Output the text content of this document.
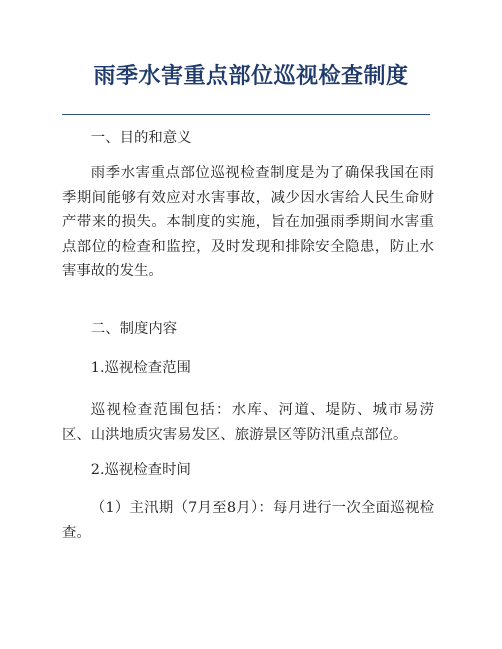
雨季水害重点部位巡视检查制度

一、目的和意义

雨季水害重点部位巡视检查制度是为了确保我国在雨季期间能够有效应对水害事故，减少因水害给人民生命财产带来的损失。本制度的实施，旨在加强雨季期间水害重点部位的检查和监控，及时发现和排除安全隐患，防止水害事故的发生。

二、制度内容

1.巡视检查范围

巡视检查范围包括：水库、河道、堤防、城市易涝区、山洪地质灾害易发区、旅游景区等防汛重点部位。

2.巡视检查时间

（1）主汛期（7月至8月）：每月进行一次全面巡视检查。
